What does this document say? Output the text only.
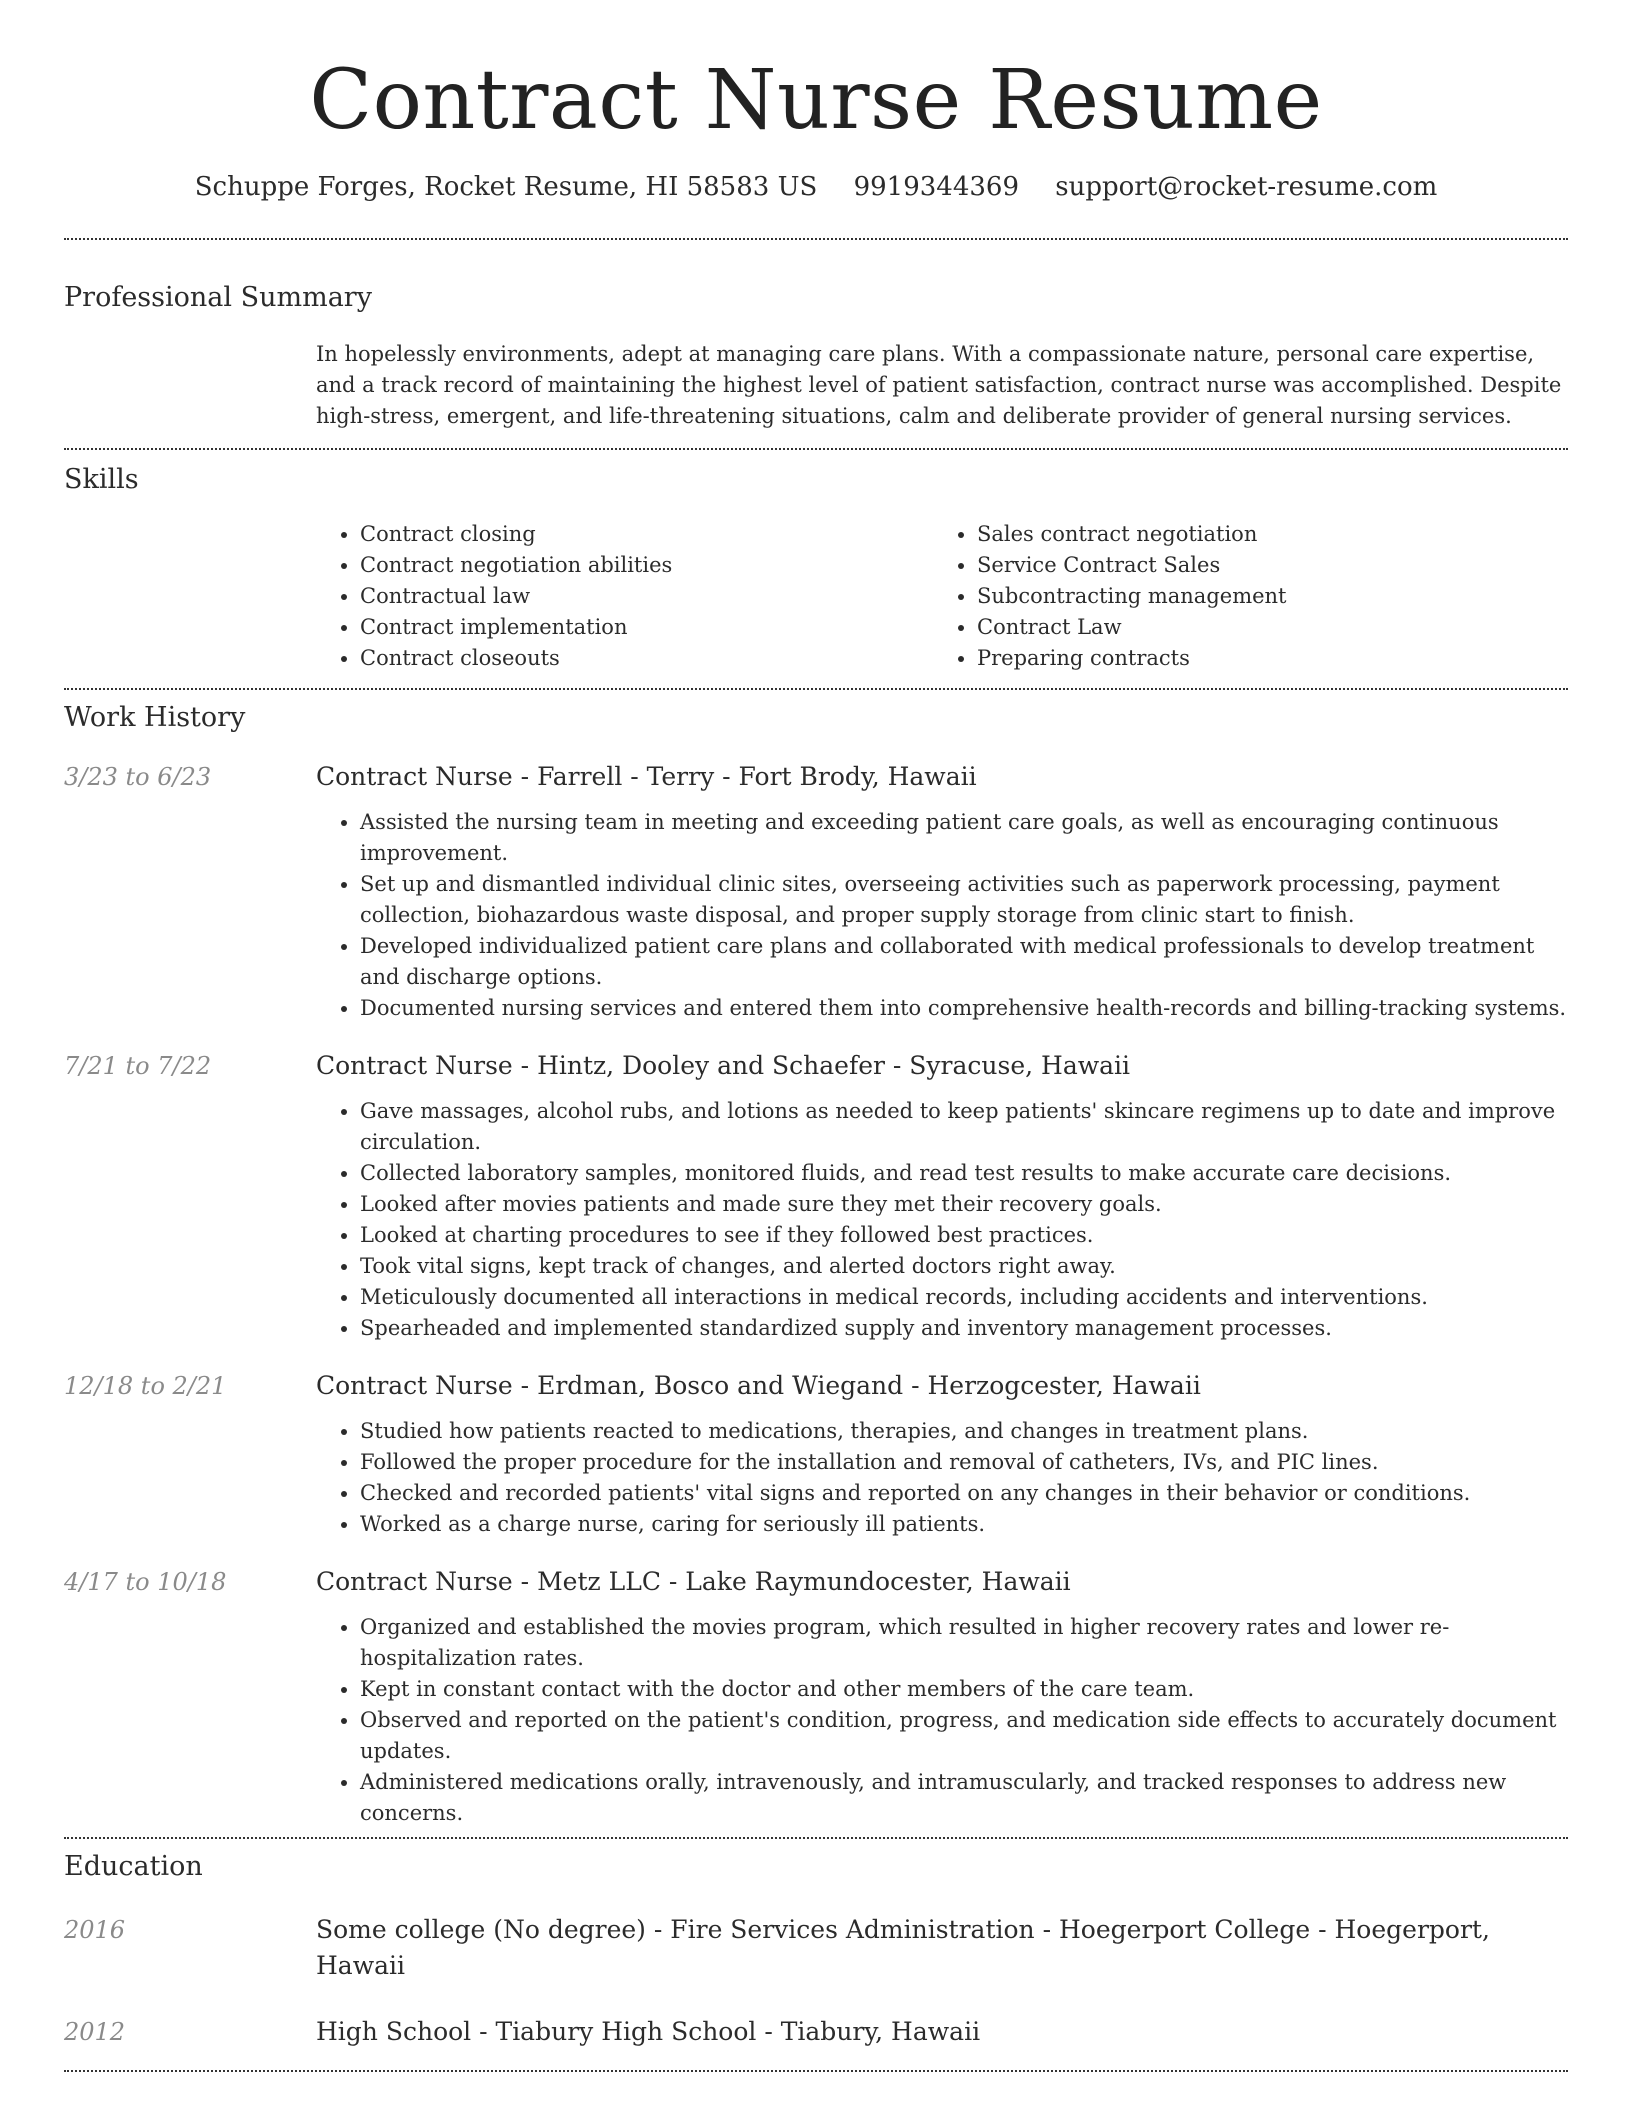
Contract Nurse Resume
Schuppe Forges, Rocket Resume, HI 58583 US 9919344369 support@rocket-resume.com
Professional Summary

In hopelessly environments, adept at managing care plans. With a compassionate nature, personal care expertise, and a track record of maintaining the highest level of patient satisfaction, contract nurse was accomplished. Despite high-stress, emergent, and life-threatening situations, calm and deliberate provider of general nursing services.

Skills
• Contract closing
• Contract negotiation abilities
• Contractual law
• Contract implementation
• Contract closeouts
• Sales contract negotiation
• Service Contract Sales
• Subcontracting management
• Contract Law
• Preparing contracts
Work History
3/23 to 6/23	Contract Nurse - Farrell - Terry - Fort Brody, Hawaii
• Assisted the nursing team in meeting and exceeding patient care goals, as well as encouraging continuous improvement.
• Set up and dismantled individual clinic sites, overseeing activities such as paperwork processing, payment collection, biohazardous waste disposal, and proper supply storage from clinic start to finish.
• Developed individualized patient care plans and collaborated with medical professionals to develop treatment and discharge options.
• Documented nursing services and entered them into comprehensive health-records and billing-tracking systems.
7/21 to 7/22	Contract Nurse - Hintz, Dooley and Schaefer - Syracuse, Hawaii
• Gave massages, alcohol rubs, and lotions as needed to keep patients' skincare regimens up to date and improve circulation.
• Collected laboratory samples, monitored fluids, and read test results to make accurate care decisions.
• Looked after movies patients and made sure they met their recovery goals.
• Looked at charting procedures to see if they followed best practices.
• Took vital signs, kept track of changes, and alerted doctors right away.
• Meticulously documented all interactions in medical records, including accidents and interventions.
• Spearheaded and implemented standardized supply and inventory management processes.
12/18 to 2/21	Contract Nurse - Erdman, Bosco and Wiegand - Herzogcester, Hawaii
• Studied how patients reacted to medications, therapies, and changes in treatment plans.
• Followed the proper procedure for the installation and removal of catheters, IVs, and PIC lines.
• Checked and recorded patients' vital signs and reported on any changes in their behavior or conditions.
• Worked as a charge nurse, caring for seriously ill patients.
4/17 to 10/18	Contract Nurse - Metz LLC - Lake Raymundocester, Hawaii
• Organized and established the movies program, which resulted in higher recovery rates and lower re-hospitalization rates.
• Kept in constant contact with the doctor and other members of the care team.
• Observed and reported on the patient's condition, progress, and medication side effects to accurately document updates.
• Administered medications orally, intravenously, and intramuscularly, and tracked responses to address new concerns.
Education
2016	Some college (No degree) - Fire Services Administration - Hoegerport College - Hoegerport, Hawaii
2012	High School - Tiabury High School - Tiabury, Hawaii
